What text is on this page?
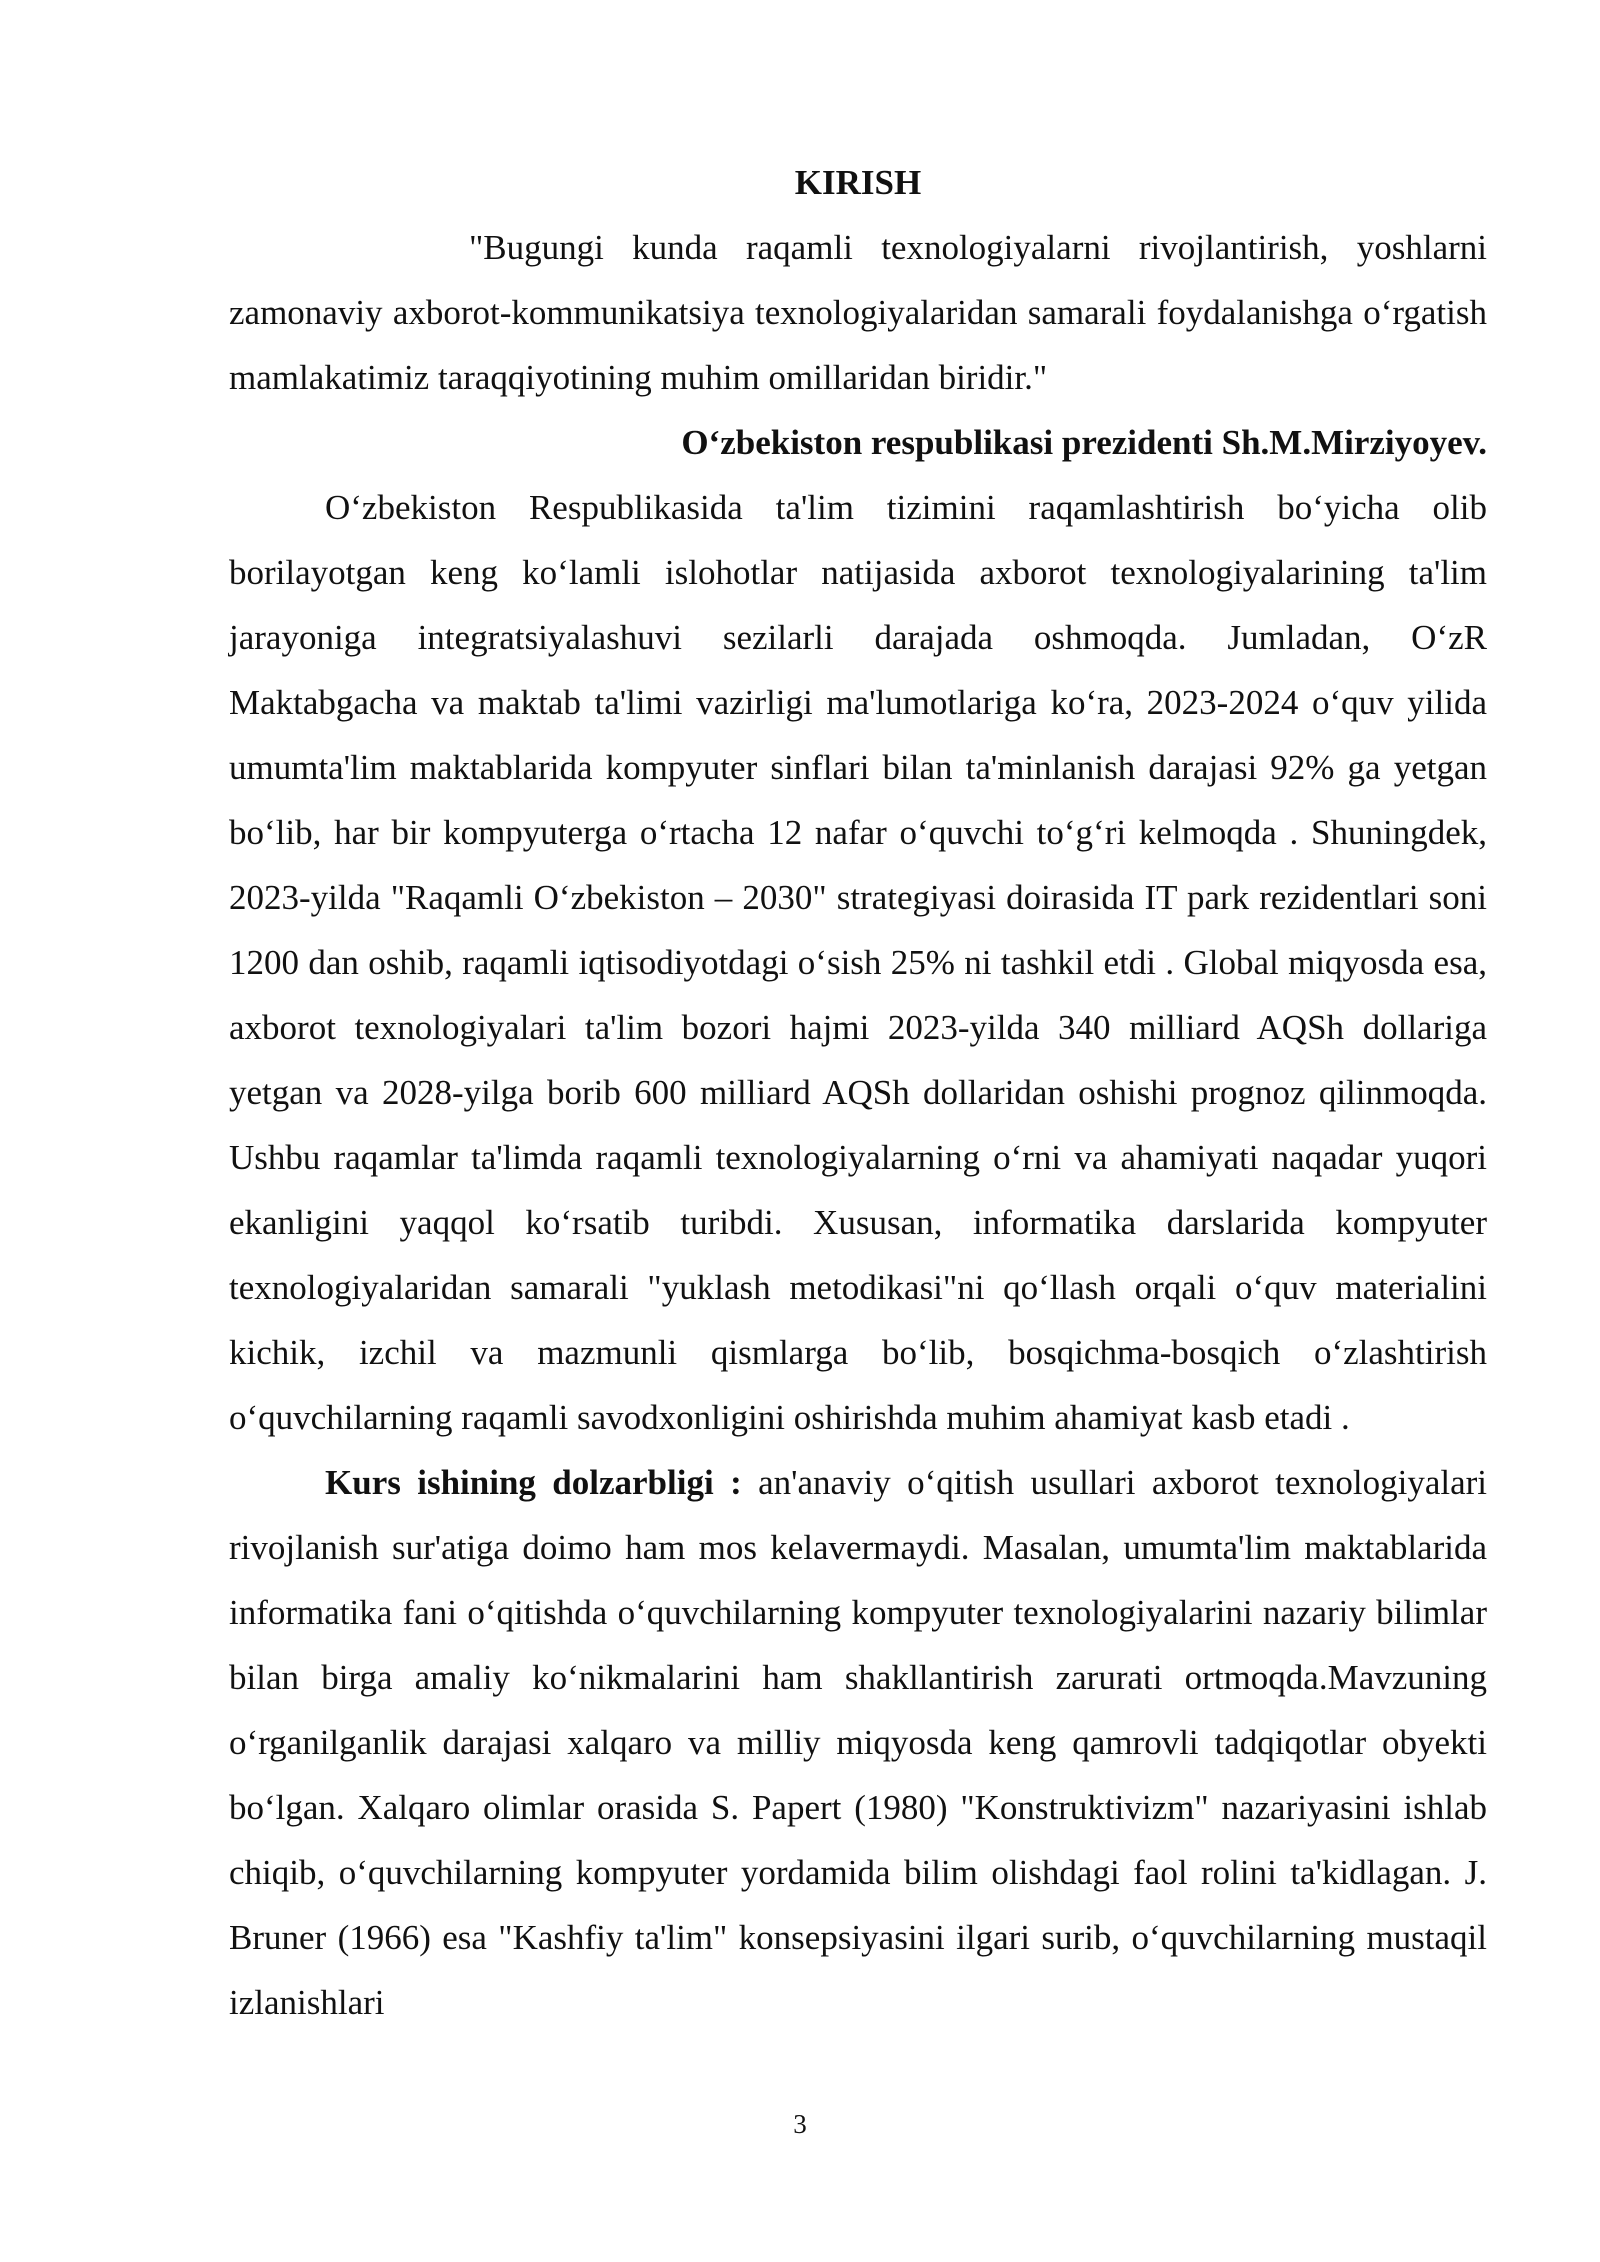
KIRISH

"Bugungi kunda raqamli texnologiyalarni rivojlantirish, yoshlarni zamonaviy axborot-kommunikatsiya texnologiyalaridan samarali foydalanishga o‘rgatish mamlakatimiz taraqqiyotining muhim omillaridan biridir."

O‘zbekiston respublikasi prezidenti Sh.M.Mirziyoyev.

O‘zbekiston Respublikasida ta'lim tizimini raqamlashtirish bo‘yicha olib borilayotgan keng ko‘lamli islohotlar natijasida axborot texnologiyalarining ta'lim jarayoniga integratsiyalashuvi sezilarli darajada oshmoqda. Jumladan, O‘zR Maktabgacha va maktab ta'limi vazirligi ma'lumotlariga ko‘ra, 2023-2024 o‘quv yilida umumta'lim maktablarida kompyuter sinflari bilan ta'minlanish darajasi 92% ga yetgan bo‘lib, har bir kompyuterga o‘rtacha 12 nafar o‘quvchi to‘g‘ri kelmoqda . Shuningdek, 2023-yilda "Raqamli O‘zbekiston – 2030" strategiyasi doirasida IT park rezidentlari soni 1200 dan oshib, raqamli iqtisodiyotdagi o‘sish 25% ni tashkil etdi . Global miqyosda esa, axborot texnologiyalari ta'lim bozori hajmi 2023-yilda 340 milliard AQSh dollariga yetgan va 2028-yilga borib 600 milliard AQSh dollaridan oshishi prognoz qilinmoqda. Ushbu raqamlar ta'limda raqamli texnologiyalarning o‘rni va ahamiyati naqadar yuqori ekanligini yaqqol ko‘rsatib turibdi. Xususan, informatika darslarida kompyuter texnologiyalaridan samarali "yuklash metodikasi"ni qo‘llash orqali o‘quv materialini kichik, izchil va mazmunli qismlarga bo‘lib, bosqichma-bosqich o‘zlashtirish o‘quvchilarning raqamli savodxonligini oshirishda muhim ahamiyat kasb etadi .

Kurs ishining dolzarbligi : an'anaviy o‘qitish usullari axborot texnologiyalari rivojlanish sur'atiga doimo ham mos kelavermaydi. Masalan, umumta'lim maktablarida informatika fani o‘qitishda o‘quvchilarning kompyuter texnologiyalarini nazariy bilimlar bilan birga amaliy ko‘nikmalarini ham shakllantirish zarurati ortmoqda.Mavzuning o‘rganilganlik darajasi xalqaro va milliy miqyosda keng qamrovli tadqiqotlar obyekti bo‘lgan. Xalqaro olimlar orasida S. Papert (1980) "Konstruktivizm" nazariyasini ishlab chiqib, o‘quvchilarning kompyuter yordamida bilim olishdagi faol rolini ta'kidlagan. J. Bruner (1966) esa "Kashfiy ta'lim" konsepsiyasini ilgari surib, o‘quvchilarning mustaqil izlanishlari

3
